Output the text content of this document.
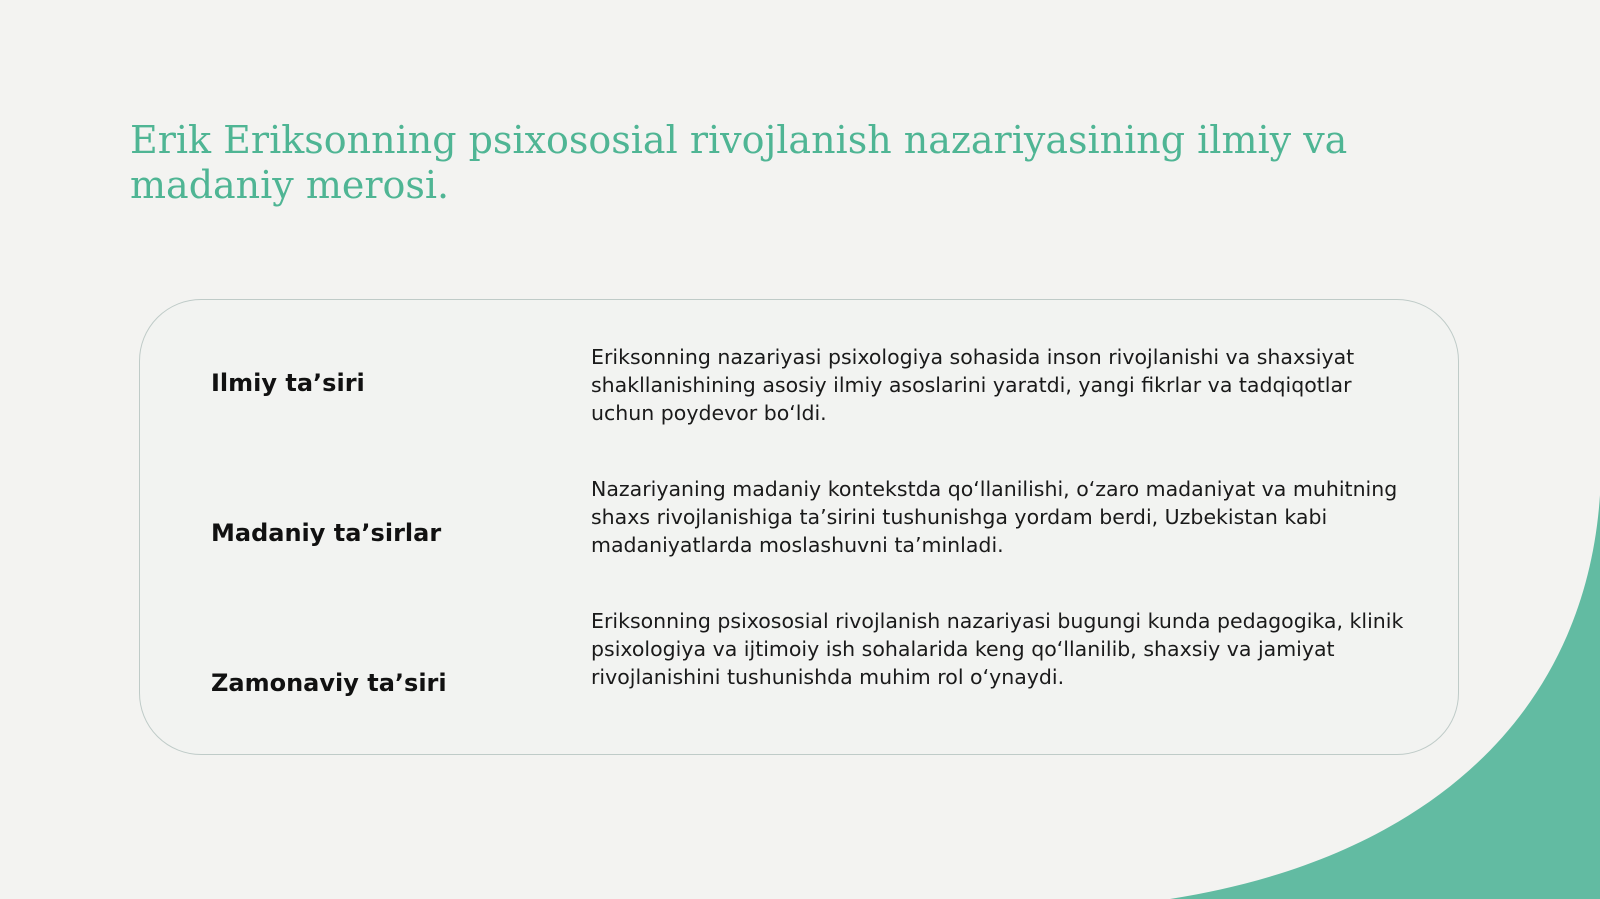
Erik Eriksonning psixososial rivojlanish nazariyasining ilmiy va madaniy merosi.
Ilmiy ta’siri

Eriksonning nazariyasi psixologiya sohasida inson rivojlanishi va shaxsiyat shakllanishining asosiy ilmiy asoslarini yaratdi, yangi fikrlar va tadqiqotlar uchun poydevor bo‘ldi.

Madaniy ta’sirlar

Nazariyaning madaniy kontekstda qo‘llanilishi, o‘zaro madaniyat va muhitning shaxs rivojlanishiga ta’sirini tushunishga yordam berdi, Uzbekistan kabi madaniyatlarda moslashuvni ta’minladi.

Zamonaviy ta’siri

Eriksonning psixososial rivojlanish nazariyasi bugungi kunda pedagogika, klinik psixologiya va ijtimoiy ish sohalarida keng qo‘llanilib, shaxsiy va jamiyat rivojlanishini tushunishda muhim rol o‘ynaydi.
